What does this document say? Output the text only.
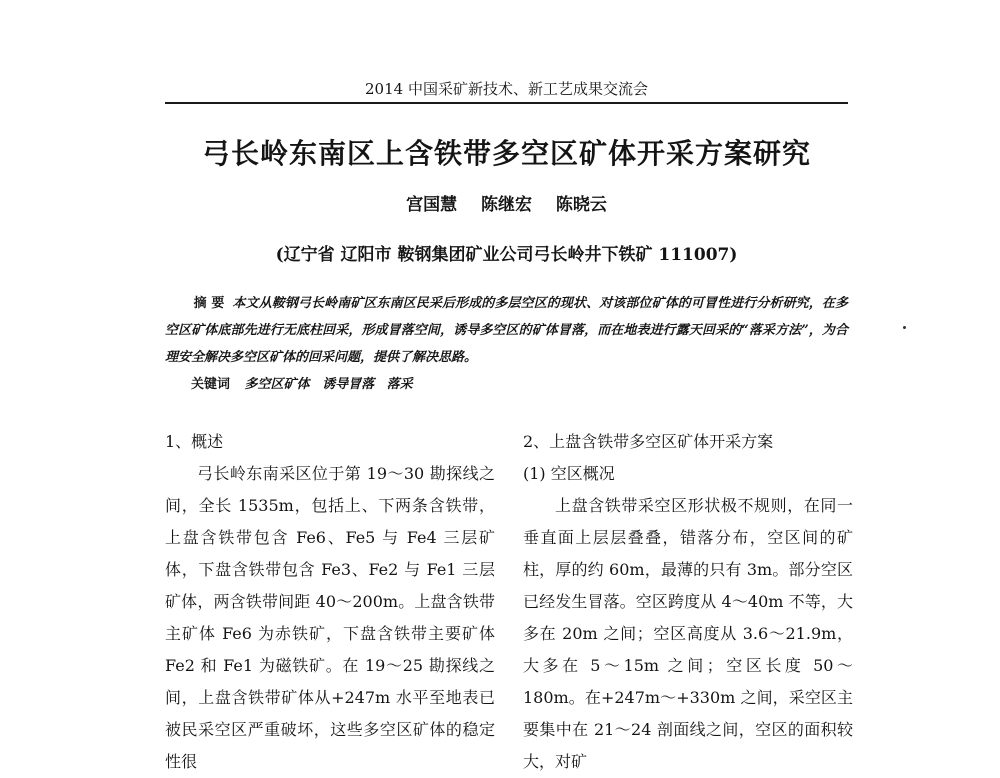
2014 中国采矿新技术、新工艺成果交流会
弓长岭东南区上含铁带多空区矿体开采方案研究
宫国慧 陈继宏 陈晓云
(辽宁省 辽阳市 鞍钢集团矿业公司弓长岭井下铁矿 111007)
摘 要 本文从鞍钢弓长岭南矿区东南区民采后形成的多层空区的现状、对该部位矿体的可冒性进行分析研究，在多空区矿体底部先进行无底柱回采，形成冒落空间，诱导多空区的矿体冒落，而在地表进行露天回采的“落采方法”，为合理安全解决多空区矿体的回采问题，提供了解决思路。
关键词 多空区矿体 诱导冒落 落采

1、概述

弓长岭东南采区位于第 19～30 勘探线之间，全长 1535m，包括上、下两条含铁带，上盘含铁带包含 Fe6、Fe5 与 Fe4 三层矿体，下盘含铁带包含 Fe3、Fe2 与 Fe1 三层矿体，两含铁带间距 40～200m。上盘含铁带主矿体 Fe6 为赤铁矿，下盘含铁带主要矿体 Fe2 和 Fe1 为磁铁矿。在 19～25 勘探线之间，上盘含铁带矿体从+247m 水平至地表已被民采空区严重破坏，这些多空区矿体的稳定性很

2、上盘含铁带多空区矿体开采方案

(1) 空区概况

上盘含铁带采空区形状极不规则，在同一垂直面上层层叠叠，错落分布，空区间的矿柱，厚的约 60m，最薄的只有 3m。部分空区已经发生冒落。空区跨度从 4～40m 不等，大多在 20m 之间；空区高度从 3.6～21.9m，大多在 5～15m 之间；空区长度 50～180m。在+247m～+330m 之间，采空区主要集中在 21～24 剖面线之间，空区的面积较大，对矿
